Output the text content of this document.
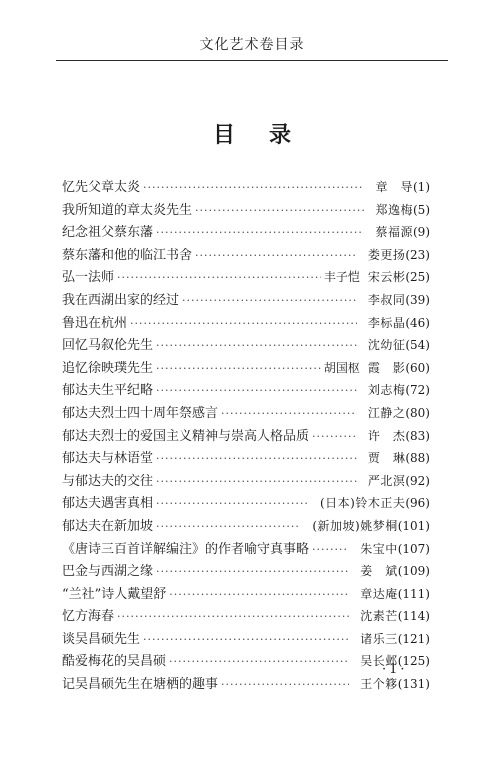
文化艺术卷目录
目录
忆先父章太炎 ·····	章　导 (1)
我所知道的章太炎先生 ·····	郑逸梅 (5)
纪念祖父蔡东藩 ·····	蔡福源 (9)
蔡东藩和他的临江书舍 ·····	娄更扬 (23)
弘一法师 ·····	丰子恺 宋云彬 (25)
我在西湖出家的经过 ·····	李叔同 (39)
鲁迅在杭州 ·····	李标晶 (46)
回忆马叙伦先生 ·····	沈幼征 (54)
追忆徐映璞先生 ·····	胡国枢 霞　影 (60)
郁达夫生平纪略 ·····	刘志梅 (72)
郁达夫烈士四十周年祭感言 ·····	江静之 (80)
郁达夫烈士的爱国主义精神与崇高人格品质 ·····	许　杰 (83)
郁达夫与林语堂 ·····	贾　琳 (88)
与郁达夫的交往 ·····	严北溟 (92)
郁达夫遇害真相 ·····	(日本)铃木正夫 (96)
郁达夫在新加坡 ·····	(新加坡)姚梦桐 (101)
《唐诗三百首详解编注》的作者喻守真事略 ·····	朱宝中 (107)
巴金与西湖之缘 ·····	姜　斌 (109)
“兰社”诗人戴望舒 ·····	章达庵 (111)
忆方海春 ·····	沈素芒 (114)
谈吴昌硕先生 ·····	诸乐三 (121)
酷爱梅花的吴昌硕 ·····	吴长邺 (125)
记吴昌硕先生在塘栖的趣事 ·····	王个簃 (131)
·1·
